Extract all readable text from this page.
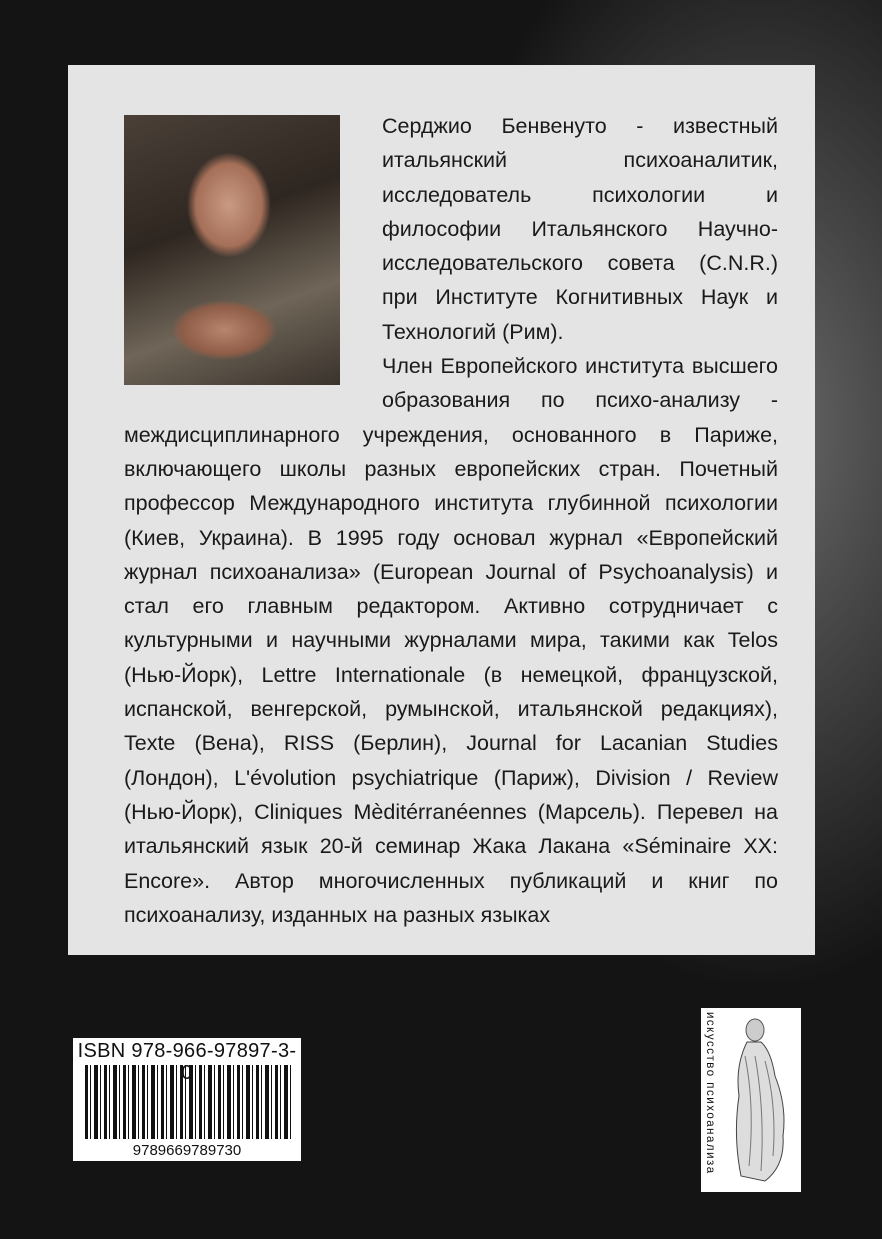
Серджио Бенвенуто - известный итальянский психоаналитик, исследователь психологии и философии Итальянского Научно-исследовательского совета (C.N.R.) при Институте Когнитивных Наук и Технологий (Рим).

Член Европейского института высшего образования по психо-анализу - междисциплинарного учреждения, основанного в Париже, включающего школы разных европейских стран. Почетный профессор Международного института глубинной психологии (Киев, Украина). В 1995 году основал журнал «Европейский журнал психоанализа» (European Journal of Psychoanalysis) и стал его главным редактором. Активно сотрудничает с культурными и научными журналами мира, такими как Telos (Нью-Йорк), Lettre Internationale (в немецкой, французской, испанской, венгерской, румынской, итальянской редакциях), Texte (Вена), RISS (Берлин), Journal for Lacanian Studies (Лондон), L'évolution psychiatrique (Париж), Division / Review (Нью-Йорк), Cliniques Mèditérranéennes (Марсель). Перевел на итальянский язык 20-й семинар Жака Лакана «Séminaire XX: Encore». Автор многочисленных публикаций и книг по психоанализу, изданных на разных языках

ISBN 978-966-97897-3-0
9789669789730	искусство психоанализа
